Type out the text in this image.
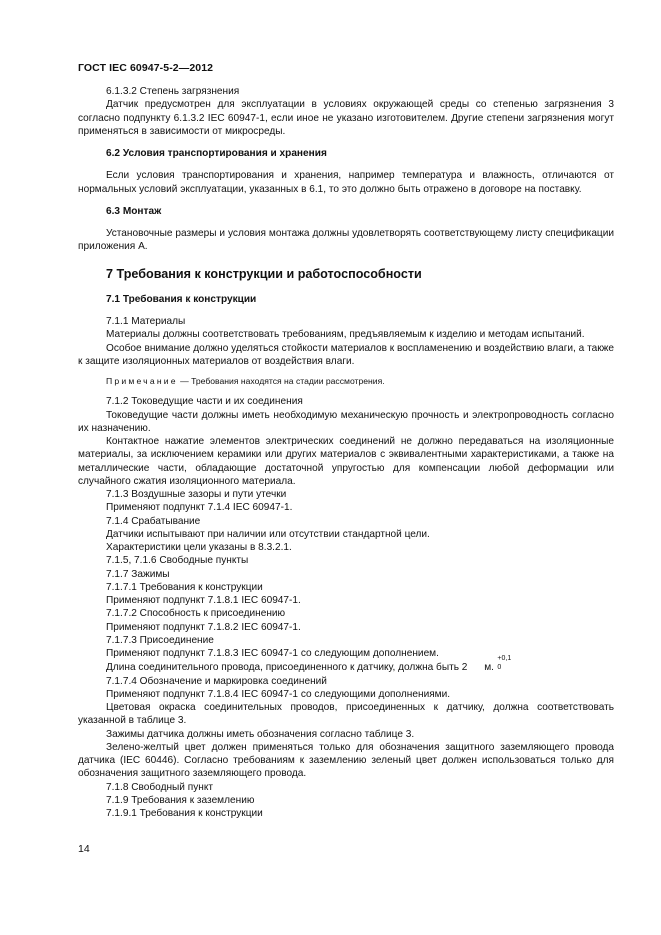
ГОСТ IEC 60947-5-2—2012

6.1.3.2 Степень загрязнения

Датчик предусмотрен для эксплуатации в условиях окружающей среды со степенью загрязнения 3 согласно подпункту 6.1.3.2 IEC 60947-1, если иное не указано изготовителем. Другие степени загрязнения могут применяться в зависимости от микросреды.

6.2 Условия транспортирования и хранения

Если условия транспортирования и хранения, например температура и влажность, отличаются от нормальных условий эксплуатации, указанных в 6.1, то это должно быть отражено в договоре на поставку.

6.3 Монтаж

Установочные размеры и условия монтажа должны удовлетворять соответствующему листу спецификации приложения А.

7 Требования к конструкции и работоспособности

7.1 Требования к конструкции

7.1.1 Материалы

Материалы должны соответствовать требованиям, предъявляемым к изделию и методам испытаний.

Особое внимание должно уделяться стойкости материалов к воспламенению и воздействию влаги, а также к защите изоляционных материалов от воздействия влаги.

Примечание — Требования находятся на стадии рассмотрения.

7.1.2 Токоведущие части и их соединения

Токоведущие части должны иметь необходимую механическую прочность и электропроводность согласно их назначению.

Контактное нажатие элементов электрических соединений не должно передаваться на изоляционные материалы, за исключением керамики или других материалов с эквивалентными характеристиками, а также на металлические части, обладающие достаточной упругостью для компенсации любой деформации или случайного сжатия изоляционного материала.

7.1.3 Воздушные зазоры и пути утечки

Применяют подпункт 7.1.4 IEC 60947-1.

7.1.4 Срабатывание

Датчики испытывают при наличии или отсутствии стандартной цели.

Характеристики цели указаны в 8.3.2.1.

7.1.5, 7.1.6 Свободные пункты

7.1.7 Зажимы

7.1.7.1 Требования к конструкции

Применяют подпункт 7.1.8.1 IEC 60947-1.

7.1.7.2 Способность к присоединению

Применяют подпункт 7.1.8.2 IEC 60947-1.

7.1.7.3 Присоединение

Применяют подпункт 7.1.8.3 IEC 60947-1 со следующим дополнением.

Длина соединительного провода, присоединенного к датчику, должна быть 2
+0,1
0
м.

7.1.7.4 Обозначение и маркировка соединений

Применяют подпункт 7.1.8.4 IEC 60947-1 со следующими дополнениями.

Цветовая окраска соединительных проводов, присоединенных к датчику, должна соответствовать указанной в таблице 3.

Зажимы датчика должны иметь обозначения согласно таблице 3.

Зелено-желтый цвет должен применяться только для обозначения защитного заземляющего провода датчика (IEC 60446). Согласно требованиям к заземлению зеленый цвет должен использоваться только для обозначения защитного заземляющего провода.

7.1.8 Свободный пункт

7.1.9 Требования к заземлению

7.1.9.1 Требования к конструкции

14
